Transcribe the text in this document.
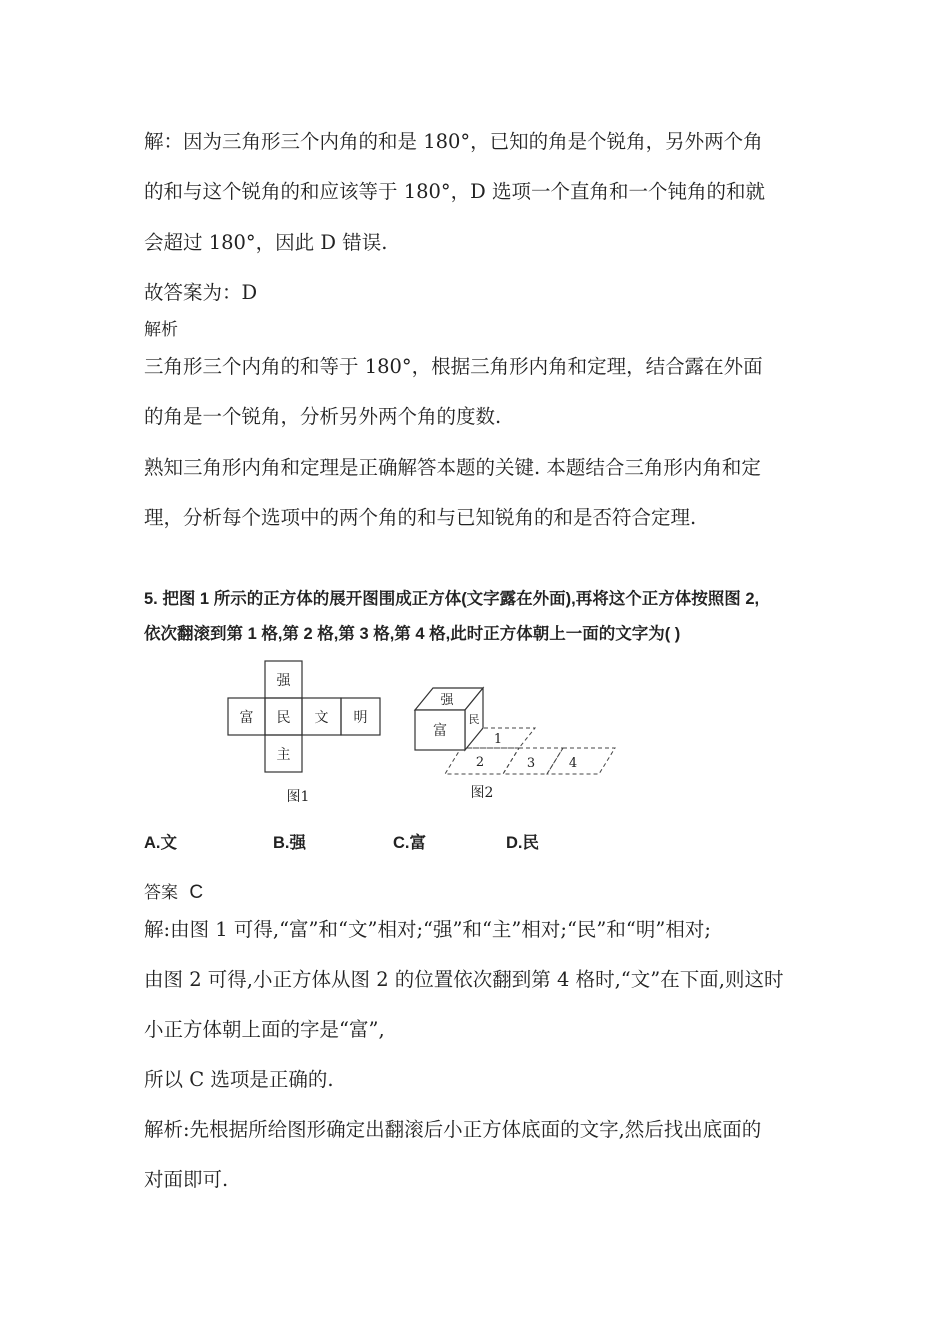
解：因为三角形三个内角的和是 180°，已知的角是个锐角，另外两个角
的和与这个锐角的和应该等于 180°，D 选项一个直角和一个钝角的和就
会超过 180°，因此 D 错误.
故答案为：D
解析
三角形三个内角的和等于 180°，根据三角形内角和定理，结合露在外面
的角是一个锐角，分析另外两个角的度数.
熟知三角形内角和定理是正确解答本题的关键. 本题结合三角形内角和定
理，分析每个选项中的两个角的和与已知锐角的和是否符合定理.
5. 把图 1 所示的正方体的展开图围成正方体(文字露在外面),再将这个正方体按照图 2,
依次翻滚到第 1 格,第 2 格,第 3 格,第 4 格,此时正方体朝上一面的文字为( )
强
富 民 文 明
主
图1
强
富
民
1
2	3	4
图2
A.文	B.强	C.富	D.民
答案 C
解:由图 1 可得,“富”和“文”相对;“强”和“主”相对;“民”和“明”相对;
由图 2 可得,小正方体从图 2 的位置依次翻到第 4 格时,“文”在下面,则这时
小正方体朝上面的字是“富”,
所以 C 选项是正确的.
解析:先根据所给图形确定出翻滚后小正方体底面的文字,然后找出底面的
对面即可.
